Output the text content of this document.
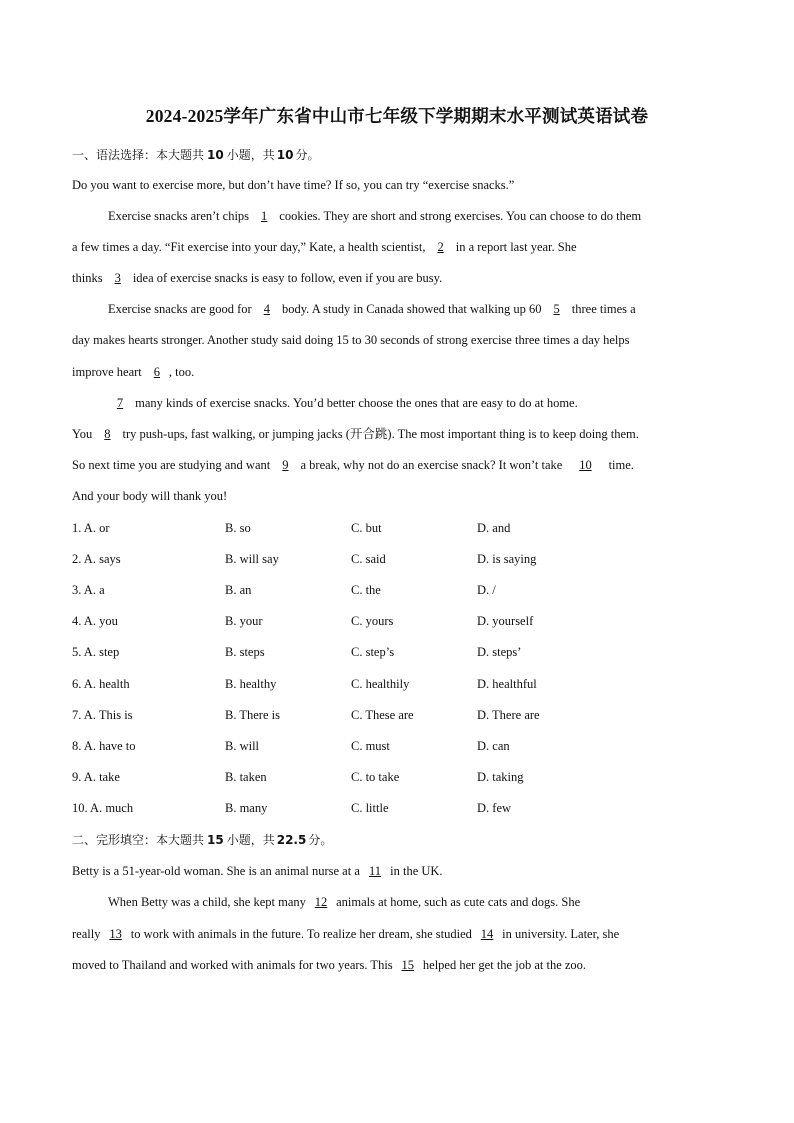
2024-2025学年广东省中山市七年级下学期期末水平测试英语试卷
一、语法选择：本大题共 10 小题，共 10 分。
Do you want to exercise more, but don’t have time? If so, you can try “exercise snacks.”
Exercise snacks aren’t chips 1 cookies. They are short and strong exercises. You can choose to do them
a few times a day. “Fit exercise into your day,” Kate, a health scientist, 2 in a report last year. She
thinks 3 idea of exercise snacks is easy to follow, even if you are busy.
Exercise snacks are good for 4 body. A study in Canada showed that walking up 60 5 three times a
day makes hearts stronger. Another study said doing 15 to 30 seconds of strong exercise three times a day helps
improve heart 6, too.
7 many kinds of exercise snacks. You’d better choose the ones that are easy to do at home.
You 8 try push-ups, fast walking, or jumping jacks (开合跳). The most important thing is to keep doing them.
So next time you are studying and want 9 a break, why not do an exercise snack? It won’t take 10 time.
And your body will thank you!
1. A. or	B. so	C. but	D. and
2. A. says	B. will say	C. said	D. is saying
3. A. a	B. an	C. the	D. /
4. A. you	B. your	C. yours	D. yourself
5. A. step	B. steps	C. step’s	D. steps’
6. A. health	B. healthy	C. healthily	D. healthful
7. A. This is	B. There is	C. These are	D. There are
8. A. have to	B. will	C. must	D. can
9. A. take	B. taken	C. to take	D. taking
10. A. much	B. many	C. little	D. few
二、完形填空：本大题共 15 小题，共 22.5 分。
Betty is a 51-year-old woman. She is an animal nurse at a 11 in the UK.
When Betty was a child, she kept many 12 animals at home, such as cute cats and dogs. She
really 13 to work with animals in the future. To realize her dream, she studied 14 in university. Later, she
moved to Thailand and worked with animals for two years. This 15 helped her get the job at the zoo.
